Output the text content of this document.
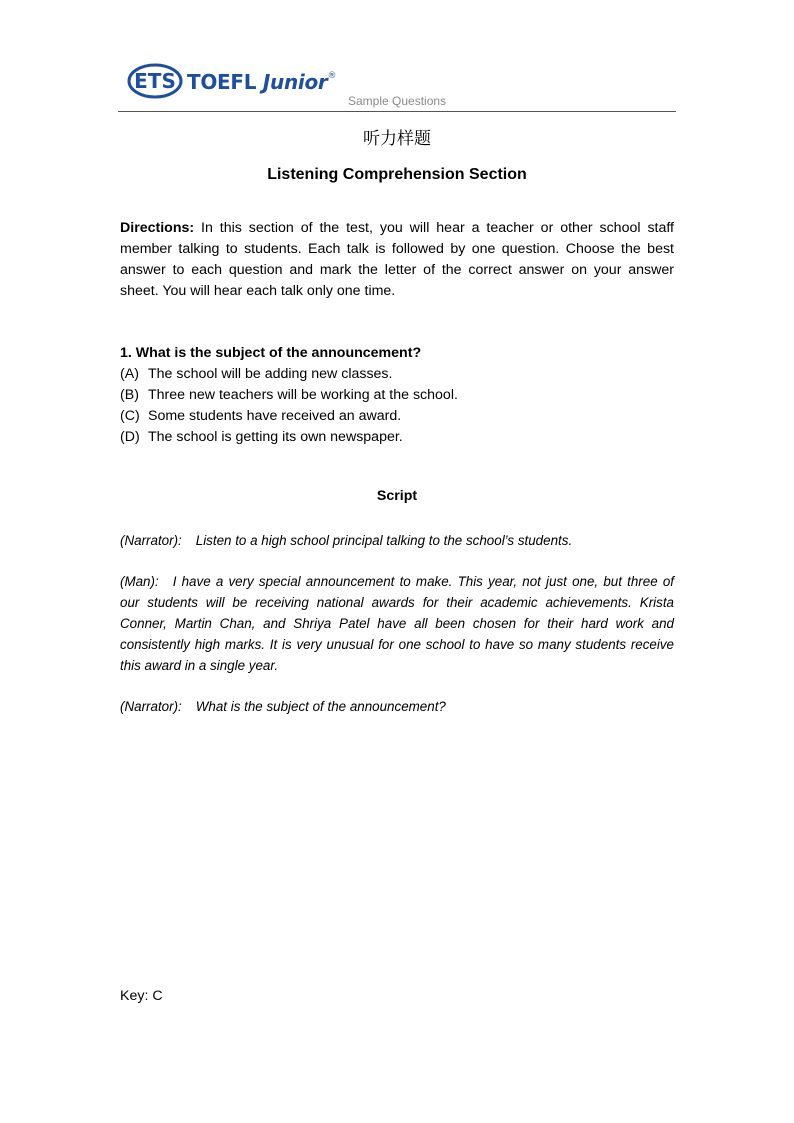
ETS TOEFL Junior®
Sample Questions
听力样题
Listening Comprehension Section
Directions: In this section of the test, you will hear a teacher or other school staff member talking to students. Each talk is followed by one question. Choose the best answer to each question and mark the letter of the correct answer on your answer sheet. You will hear each talk only one time.
1. What is the subject of the announcement?
(A) The school will be adding new classes.
(B) Three new teachers will be working at the school.
(C) Some students have received an award.
(D) The school is getting its own newspaper.
Script
(Narrator): Listen to a high school principal talking to the school’s students.
(Man): I have a very special announcement to make. This year, not just one, but three of our students will be receiving national awards for their academic achievements. Krista Conner, Martin Chan, and Shriya Patel have all been chosen for their hard work and consistently high marks. It is very unusual for one school to have so many students receive this award in a single year.
(Narrator): What is the subject of the announcement?
Key: C
